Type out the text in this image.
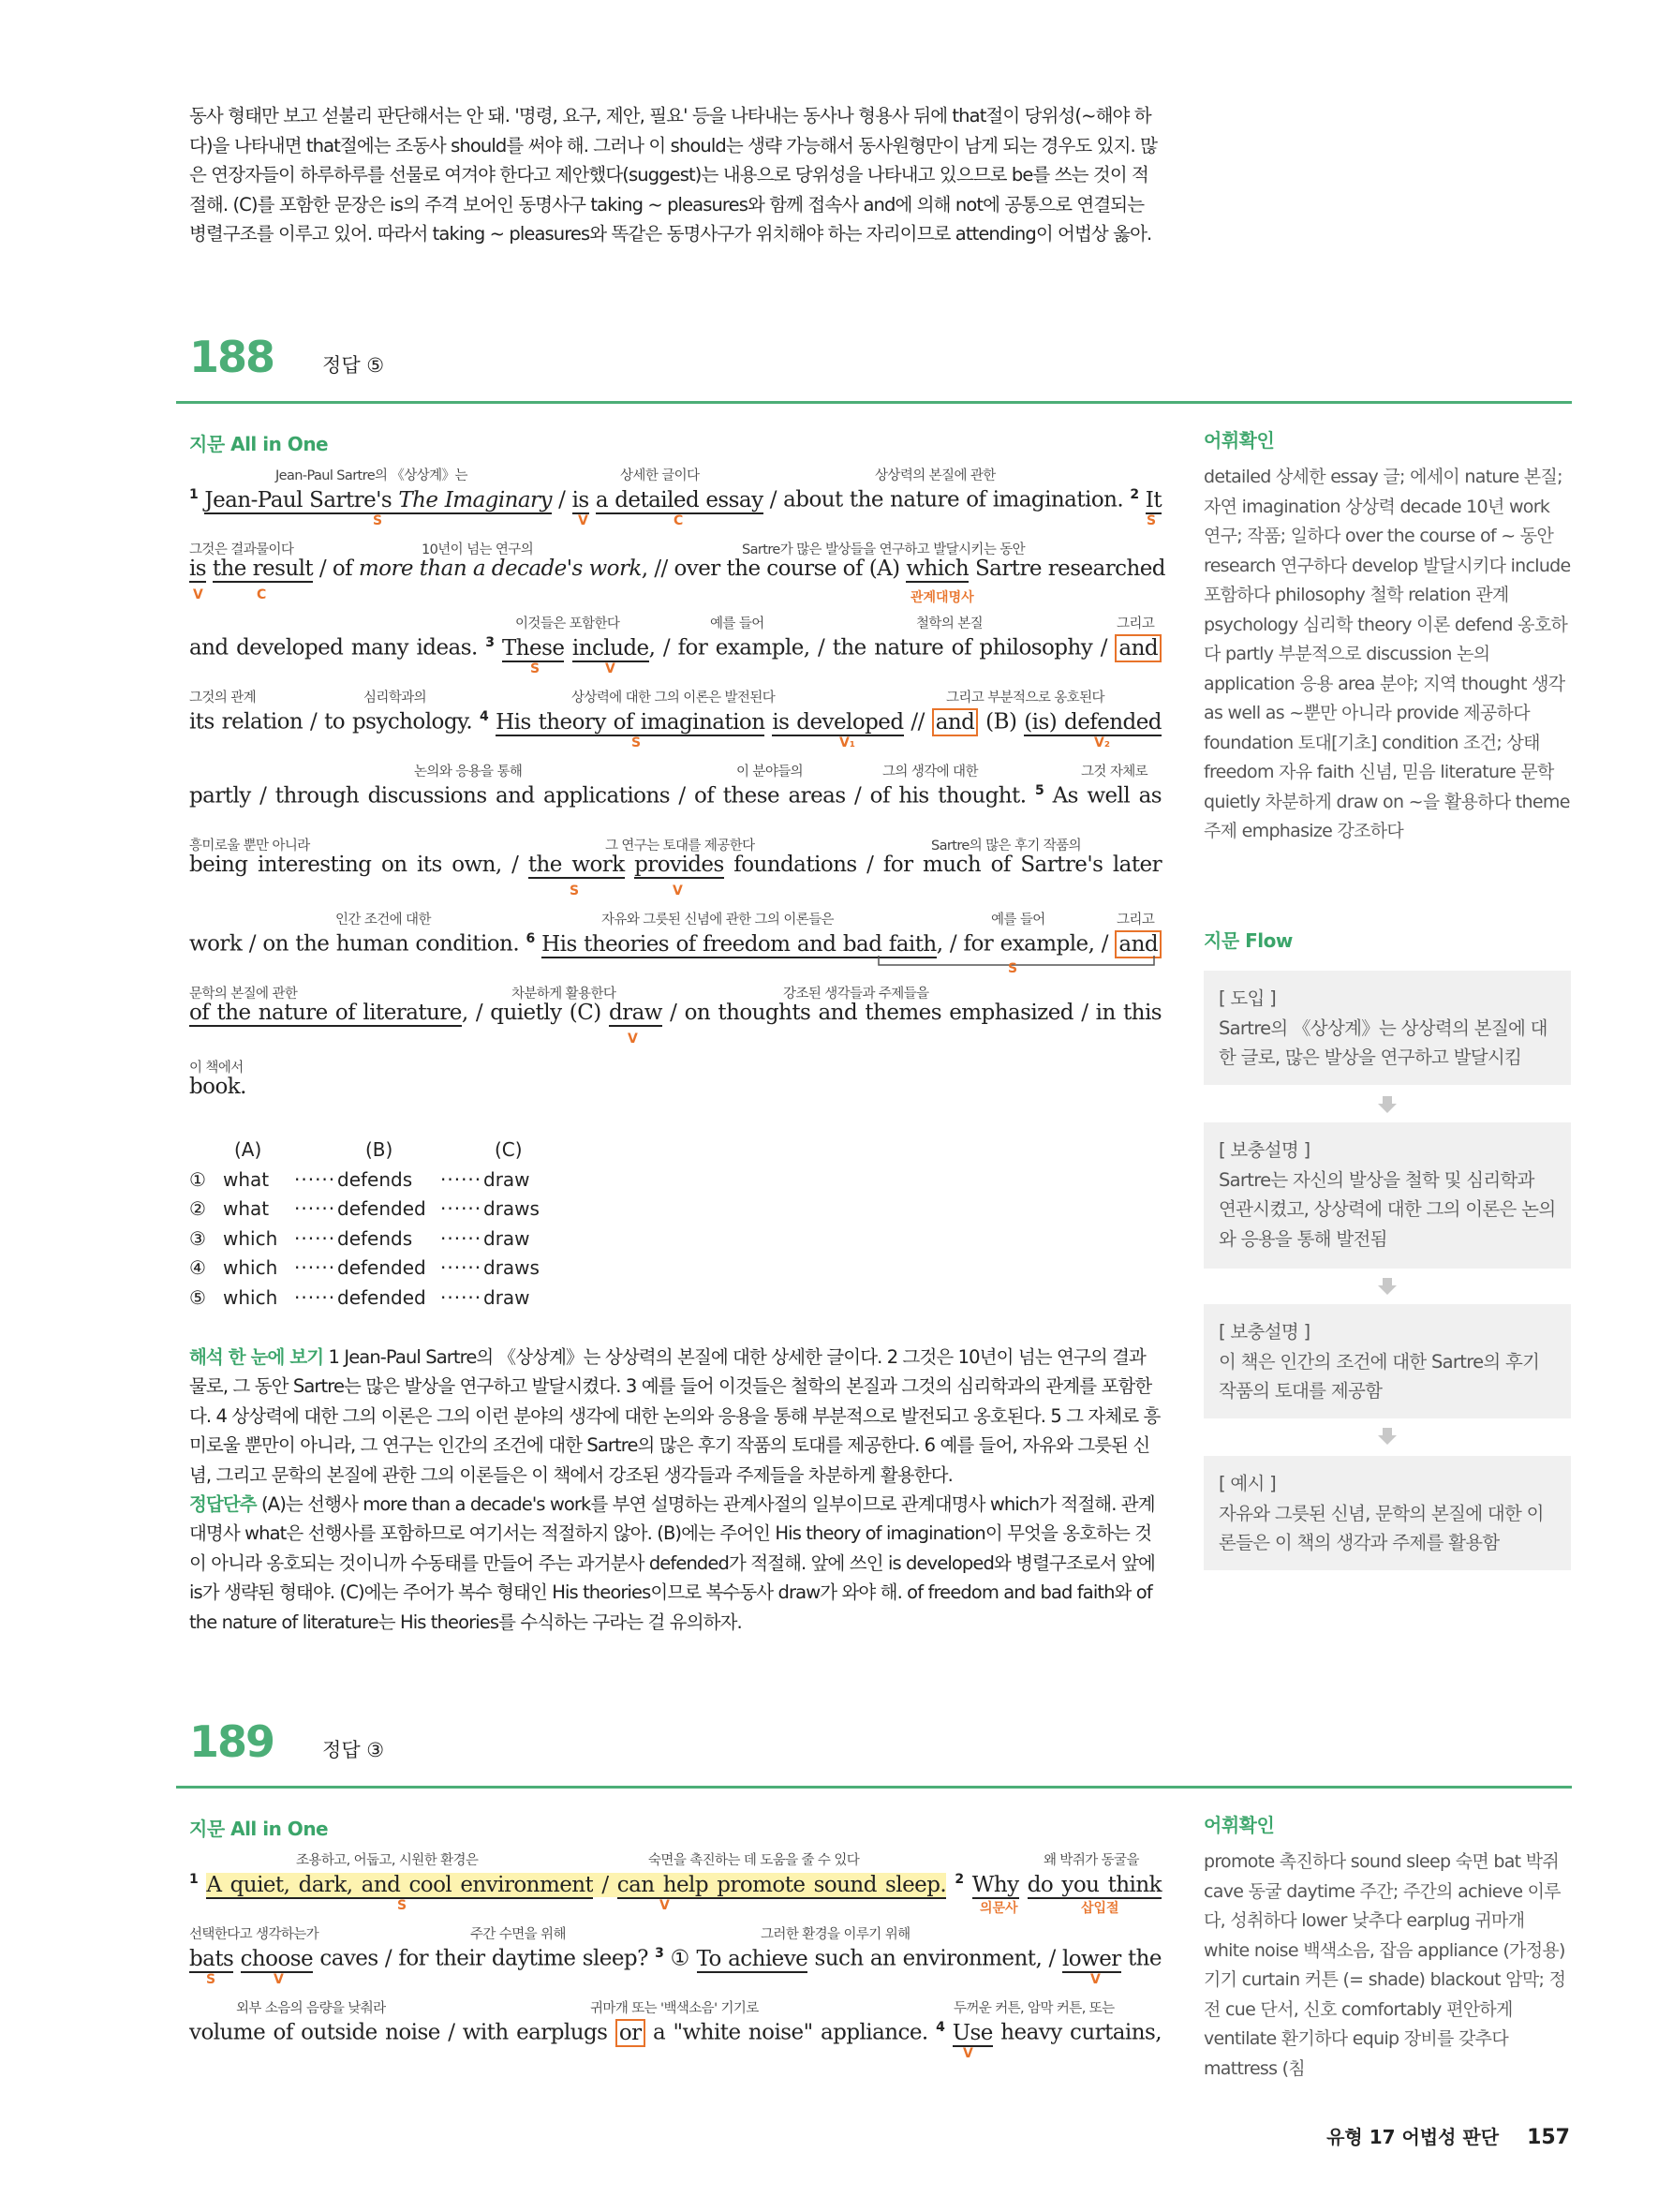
동사 형태만 보고 섣불리 판단해서는 안 돼. '명령, 요구, 제안, 필요' 등을 나타내는 동사나 형용사 뒤에 that절이 당위성(~해야 하다)을 나타내면 that절에는 조동사 should를 써야 해. 그러나 이 should는 생략 가능해서 동사원형만이 남게 되는 경우도 있지. 많은 연장자들이 하루하루를 선물로 여겨야 한다고 제안했다(suggest)는 내용으로 당위성을 나타내고 있으므로 be를 쓰는 것이 적절해. (C)를 포함한 문장은 is의 주격 보어인 동명사구 taking ~ pleasures와 함께 접속사 and에 의해 not에 공통으로 연결되는 병렬구조를 이루고 있어. 따라서 taking ~ pleasures와 똑같은 동명사구가 위치해야 하는 자리이므로 attending이 어법상 옳아.
188 정답 ⑤
지문 All in One	어휘확인
Jean-Paul Sartre의 《상상계》는	상세한 글이다	상상력의 본질에 관한
$^1$ Jean-Paul Sartre's The Imaginary / is a detailed essay / about the nature of imagination. $^2$ It
S	V	C	S
그것은 결과물이다	10년이 넘는 연구의	Sartre가 많은 발상들을 연구하고 발달시키는 동안
is the result / of more than a decade's work, // over the course of (A) which Sartre researched
V	C	관계대명사
이것들은 포함한다	예를 들어	철학의 본질	그리고
and developed many ideas. $^3$ These include, / for example, / the nature of philosophy / and
S	V
그것의 관계	심리학과의	상상력에 대한 그의 이론은 발전된다	그리고 부분적으로 옹호된다
its relation / to psychology. $^4$ His theory of imagination is developed // and (B) (is) defended
S	V₁	V₂
논의와 응용을 통해	이 분야들의	그의 생각에 대한	그것 자체로
partly / through discussions and applications / of these areas / of his thought. $^5$ As well as
흥미로울 뿐만 아니라	그 연구는 토대를 제공한다	Sartre의 많은 후기 작품의
being interesting on its own, / the work provides foundations / for much of Sartre's later
S	V
인간 조건에 대한	자유와 그릇된 신념에 관한 그의 이론들은	예를 들어	그리고
work / on the human condition. $^6$ His theories of freedom and bad faith, / for example, / and
S
문학의 본질에 관한	차분하게 활용한다	강조된 생각들과 주제들을
of the nature of literature, / quietly (C) draw / on thoughts and themes emphasized / in this
V
이 책에서
book.
(A)	(B)	(C)
① what	······ defends	······ draw
② what	······ defended ······ draws
③ which ······ defends	······ draw
④ which ······ defended ······ draws
⑤ which ······ defended ······ draw
해석 한 눈에 보기 1 Jean-Paul Sartre의 《상상계》는 상상력의 본질에 대한 상세한 글이다. 2 그것은 10년이 넘는 연구의 결과물로, 그 동안 Sartre는 많은 발상을 연구하고 발달시켰다. 3 예를 들어 이것들은 철학의 본질과 그것의 심리학과의 관계를 포함한다. 4 상상력에 대한 그의 이론은 그의 이런 분야의 생각에 대한 논의와 응용을 통해 부분적으로 발전되고 옹호된다. 5 그 자체로 흥미로울 뿐만이 아니라, 그 연구는 인간의 조건에 대한 Sartre의 많은 후기 작품의 토대를 제공한다. 6 예를 들어, 자유와 그릇된 신념, 그리고 문학의 본질에 관한 그의 이론들은 이 책에서 강조된 생각들과 주제들을 차분하게 활용한다.
정답단추 (A)는 선행사 more than a decade's work를 부연 설명하는 관계사절의 일부이므로 관계대명사 which가 적절해. 관계대명사 what은 선행사를 포함하므로 여기서는 적절하지 않아. (B)에는 주어인 His theory of imagination이 무엇을 옹호하는 것이 아니라 옹호되는 것이니까 수동태를 만들어 주는 과거분사 defended가 적절해. 앞에 쓰인 is developed와 병렬구조로서 앞에 is가 생략된 형태야. (C)에는 주어가 복수 형태인 His theories이므로 복수동사 draw가 와야 해. of freedom and bad faith와 of the nature of literature는 His theories를 수식하는 구라는 걸 유의하자.
detailed 상세한 essay 글; 에세이 nature 본질; 자연 imagination 상상력 decade 10년 work 연구; 작품; 일하다 over the course of ~ 동안 research 연구하다 develop 발달시키다 include 포함하다 philosophy 철학 relation 관계 psychology 심리학 theory 이론 defend 옹호하다 partly 부분적으로 discussion 논의 application 응용 area 분야; 지역 thought 생각 as well as ~뿐만 아니라 provide 제공하다 foundation 토대[기초] condition 조건; 상태 freedom 자유 faith 신념, 믿음 literature 문학 quietly 차분하게 draw on ~을 활용하다 theme 주제 emphasize 강조하다
지문 Flow
[ 도입 ]
Sartre의 《상상계》는 상상력의 본질에 대한 글로, 많은 발상을 연구하고 발달시킴
[ 보충설명 ]
Sartre는 자신의 발상을 철학 및 심리학과 연관시켰고, 상상력에 대한 그의 이론은 논의와 응용을 통해 발전됨
[ 보충설명 ]
이 책은 인간의 조건에 대한 Sartre의 후기 작품의 토대를 제공함
[ 예시 ]
자유와 그릇된 신념, 문학의 본질에 대한 이론들은 이 책의 생각과 주제를 활용함
189 정답 ③
지문 All in One	어휘확인
조용하고, 어둡고, 시원한 환경은	숙면을 촉진하는 데 도움을 줄 수 있다	왜 박쥐가 동굴을
$^1$ A quiet, dark, and cool environment / can help promote sound sleep. $^2$ Why do you think
S	V	의문사	삽입절
선택한다고 생각하는가	주간 수면을 위해	그러한 환경을 이루기 위해
bats choose caves / for their daytime sleep? $^3$ ① To achieve such an environment, / lower the
S	V	V
외부 소음의 음량을 낮춰라	귀마개 또는 '백색소음' 기기로	두꺼운 커튼, 암막 커튼, 또는
volume of outside noise / with earplugs or a "white noise" appliance. $^4$ Use heavy curtains,
V
promote 촉진하다 sound sleep 숙면 bat 박쥐 cave 동굴 daytime 주간; 주간의 achieve 이루다, 성취하다 lower 낮추다 earplug 귀마개 white noise 백색소음, 잡음 appliance (가정용) 기기 curtain 커튼 (= shade) blackout 암막; 정전 cue 단서, 신호 comfortably 편안하게 ventilate 환기하다 equip 장비를 갖추다 mattress (침
유형 17 어법성 판단 157
